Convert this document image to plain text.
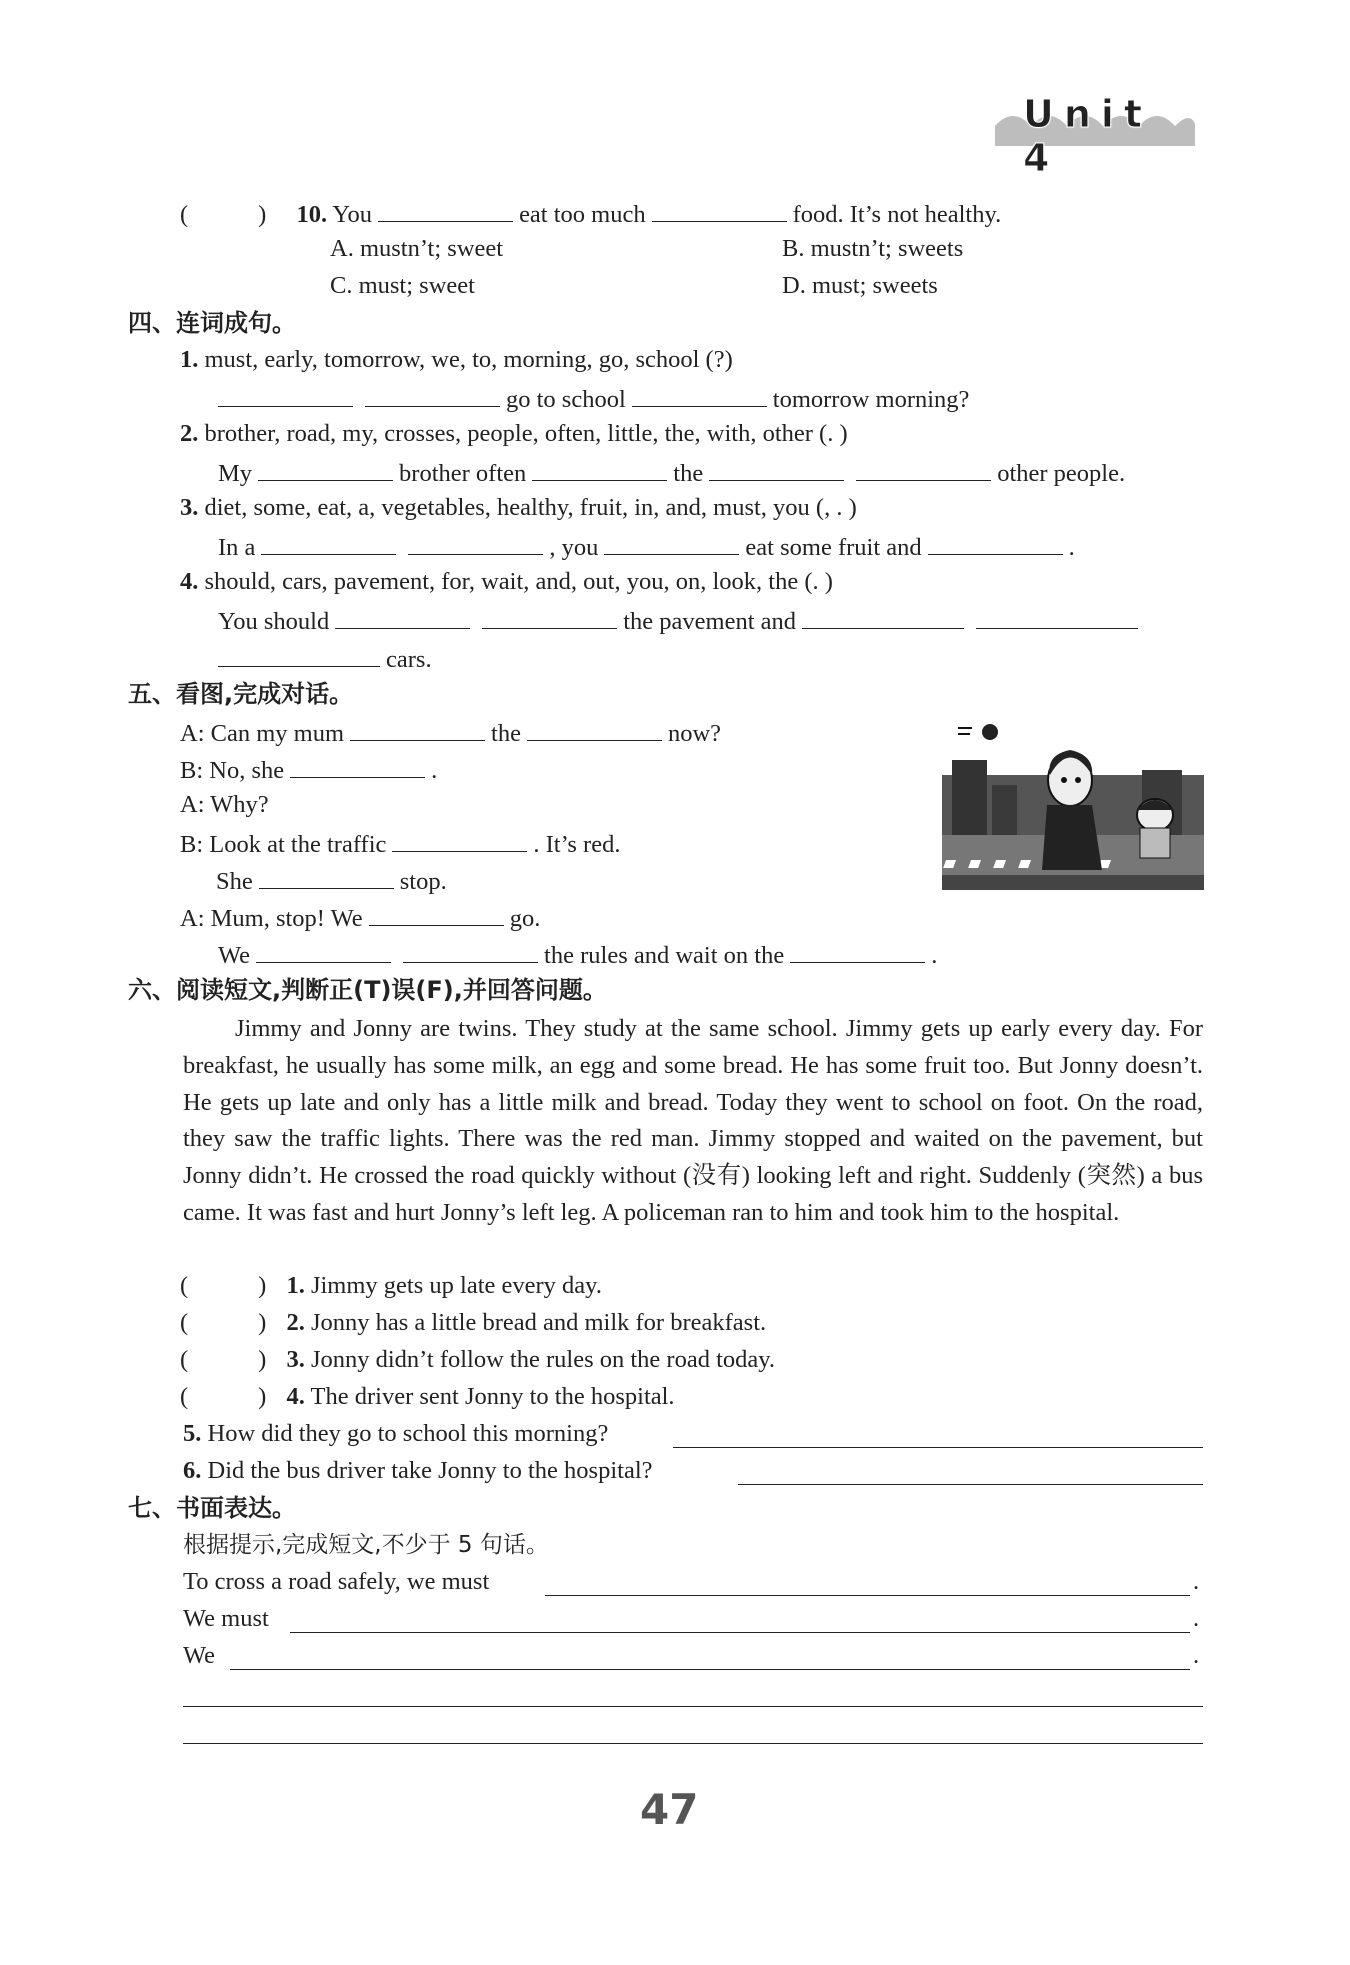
Unit 4
(	) 10. You	eat too much	food. It’s not healthy.
A. mustn’t; sweet	B. mustn’t; sweets
C. must; sweet	D. must; sweets
四、连词成句。
1. must, early, tomorrow, we, to, morning, go, school (?)
go to school	tomorrow morning?
2. brother, road, my, crosses, people, often, little, the, with, other (. )
My	brother often	the	other people.
3. diet, some, eat, a, vegetables, healthy, fruit, in, and, must, you (, . )
In a	, you	eat some fruit and	.
4. should, cars, pavement, for, wait, and, out, you, on, look, the (. )
You should	the pavement and
cars.
五、看图,完成对话。
A: Can my mum	the	now?
B: No, she	.
A: Why?
B: Look at the traffic	. It’s red.
She	stop.
A: Mum, stop! We	go.
We	the rules and wait on the	.
六、阅读短文,判断正(T)误(F),并回答问题。
Jimmy and Jonny are twins. They study at the same school. Jimmy gets up early every day. For breakfast, he usually has some milk, an egg and some bread. He has some fruit too. But Jonny doesn’t. He gets up late and only has a little milk and bread. Today they went to school on foot. On the road, they saw the traffic lights. There was the red man. Jimmy stopped and waited on the pavement, but Jonny didn’t. He crossed the road quickly without (没有) looking left and right. Suddenly (突然) a bus came. It was fast and hurt Jonny’s left leg. A policeman ran to him and took him to the hospital.
(	) 1. Jimmy gets up late every day.
(	) 2. Jonny has a little bread and milk for breakfast.
(	) 3. Jonny didn’t follow the rules on the road today.
(	) 4. The driver sent Jonny to the hospital.
5. How did they go to school this morning?
6. Did the bus driver take Jonny to the hospital?
七、书面表达。
根据提示,完成短文,不少于 5 句话。
To cross a road safely, we must	.
We must	.
We	.
47
